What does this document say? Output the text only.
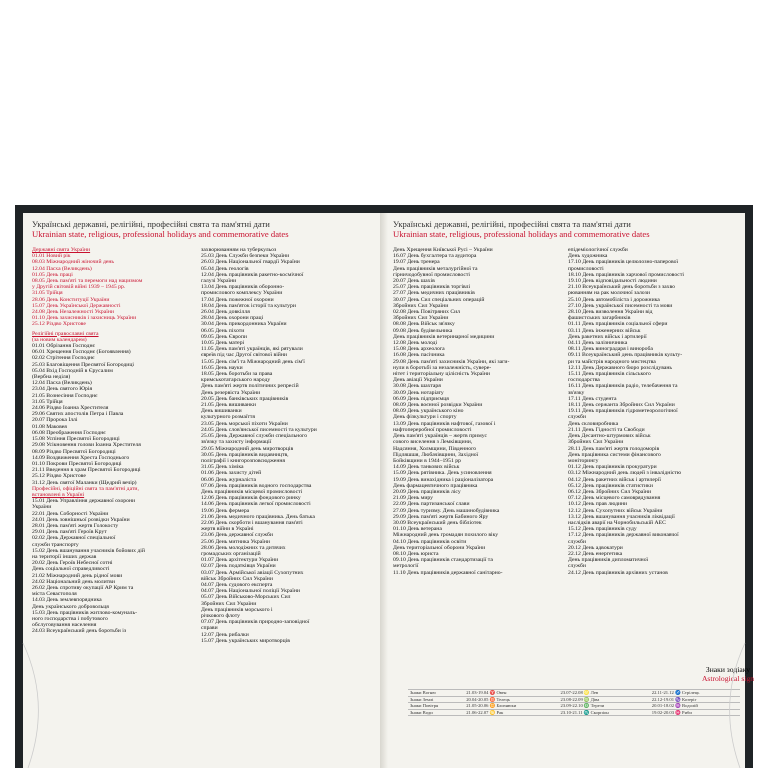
Українські державні, релігійні, професійні свята та пам'ятні дати
Ukrainian state, religious, professional holidays and commemorative dates
Державні свята України
01.01 Новий рік
08.03 Міжнародний жіночий день
12.04 Пасха (Великдень)
01.05 День праці
08.05 День пам'яті та перемоги над нацизмом
у Другій світовій війні 1939 – 1945 рр.
31.05 Трійця
28.06 День Конституції України
15.07 День Української Державності
24.08 День Незалежності України
01.10 День захисників і захисниць України
25.12 Різдво Христове
Релігійні православні свята
(за новим календарем)
01.01 Обрізання Господнє
06.01 Хрещення Господнє (Богоявлення)
02.02 Стрітення Господнє
25.03 Благовіщення Пресвятої Богородиці
05.04 Вхід Господній в Єрусалим
(Вербна неділя)
12.04 Пасха (Великдень)
23.04 День святого Юрія
21.05 Вознесіння Господнє
31.05 Трійця
24.06 Різдво Іоанна Хрестителя
29.06 Святих апостолів Петра і Павла
20.07 Пророка Іллі
01.08 Маковея
06.08 Преображення Господнє
15.08 Успіння Пресвятої Богородиці
29.08 Усікновення голови Іоанна Хрестителя
08.09 Різдво Пресвятої Богородиці
14.09 Воздвиження Хреста Господнього
01.10 Покрови Пресвятої Богородиці
21.11 Введення в храм Пресвятої Богородиці
25.12 Різдво Христове
31.12 День святої Маланки (Щедрий вечір)
Професійні, офіційні свята та пам'ятні дати,
встановлені в Україні
15.01 День Управління державної охорони
України
22.01 День Соборності України
24.01 День зовнішньої розвідки України
28.01 День пам'яті жертв Голокосту
29.01 День пам'яті Героїв Крут
02.02 День Державної спеціальної
служби транспорту
15.02 День вшанування учасників бойових дій
на території інших держав
20.02 День Героїв Небесної сотні
День соціальної справедливості
21.02 Міжнародний день рідної мови
24.02 Національний день молитви
26.02 День спротиву окупації АР Крим та
міста Севастополя
14.03 День землевпорядника
День українського добровольця
15.03 День працівників житлово-комуналь-
ного господарства і побутового
обслуговування населення
24.03 Всеукраїнський день боротьби із
захворюванням на туберкульоз
25.03 День Служби безпеки України
26.03 День Національної гвардії України
05.04 День геологів
12.04 День працівників ракетно-космічної
галузі України
13.04 День працівників оборонно-
промислового комплексу України
17.04 День пожежної охорони
18.04 День пам'яток історії та культури
26.04 День довкілля
28.04 День охорони праці
30.04 День прикордонника України
06.05 День піхоти
09.05 День Європи
10.05 День матері
11.05 День пам'яті українців, які рятували
євреїв під час Другої світової війни
15.05 День сім'ї та Міжнародний день сім'ї
16.05 День науки
18.05 День боротьби за права
кримськотатарського народу
День пам'яті жертв політичних репресій
День резервіста України
20.05 День банківських працівників
21.05 День вишиванки
День вишиванки
культурного розмаїття
23.05 День морської піхоти України
24.05 День слов'янської писемності та культури
25.05 День Державної служби спеціального
зв'язку та захисту інформації
29.05 Міжнародний день миротворців
30.05 День працівників видавництв,
поліграфії і книгорозповсюдження
31.05 День хіміка
01.06 День захисту дітей
06.06 День журналіста
07.06 День працівників водного господарства
День працівників місцевої промисловості
12.06 День працівників фондового ринку
14.06 День працівників легкої промисловості
19.06 День фермера
21.06 День медичного працівника. День батька
22.06 День скорботи і вшанування пам'яті
жертв війни в Україні
23.06 День державної служби
25.06 День митника України
28.06 День молодіжних та дитячих
громадських організацій
01.07 День архітектури України
02.07 День податківця України
03.07 День Армійської авіації Сухопутних
військ Збройних Сил України
04.07 День судового експерта
04.07 День Національної поліції України
05.07 День Військово-Морських Сил
Збройних Сил України
День працівників морського і
річкового флоту
07.07 День працівників природно-заповідної
справи
12.07 День рибалки
15.07 День українських миротворців
Українські державні, релігійні, професійні свята та пам'ятні дати
Ukrainian state, religious, professional holidays and commemorative dates
День Хрещення Київської Русі – України
16.07 День бухгалтера та аудитора
19.07 День тренера
День працівників металургійної та
гірничодобувної промисловості
20.07 День шахів
25.07 День працівників торгівлі
27.07 День медичних працівників
30.07 День Сил спеціальних операцій
Збройних Сил України
02.08 День Повітряних Сил
Збройних Сил України
08.08 День Військ зв'язку
09.08 День будівельника
День працівників ветеринарної медицини
12.08 День молоді
15.08 День археолога
16.08 День пасічника
29.08 День пам'яті захисників України, які заги-
нули в боротьбі за незалежність, сувере-
нітет і територіальну цілісність України
День авіації України
30.08 День шахтаря
30.09 День нотаріату
06.09 День підприємця
08.09 День воєнної розвідки України
08.09 День українського кіно
День фізкультури і спорту
13.09 День працівників нафтової, газової і
нафтопереробної промисловості
День пам'яті українців – жертв примус
сового виселення з Лемківщини,
Надсяння, Холмщини, Південного
Підляшшя, Любачівщини, Західної
Бойківщини в 1944–1951 рр
14.09 День танкових військ
15.09 День рятівника. День усиновлення
19.09 День винахідника і раціоналізатора
День фармацевтичного працівника
20.09 День працівників лісу
21.09 День миру
22.09 День партизанської слави
27.09 День туризму. День машинобудівника
29.09 День пам'яті жертв Бабиного Яру
30.09 Всеукраїнський день бібліотек
01.10 День ветерана
Міжнародний день громадян похилого віку
04.10 День працівників освіти
День територіальної оборони України
08.10 День юриста
09.10 День працівників стандартизації та
метрології
11.10 День працівників державної санітарно-
епідеміологічної служби
День художника
17.10 День працівників целюлозно-паперової
промисловості
18.10 День працівників харчової промисловості
19.10 День відповідальності людини
21.10 Всеукраїнський день боротьби з захво
рюванням на рак молочної залози
25.10 День автомобіліста і дорожника
27.10 День української писемності та мови
28.10 День визволення України від
фашистських загарбників
01.11 День працівників соціальної сфери
03.11 День інженерних військ
День ракетних військ і артилерії
04.11 День залізничника
08.11 День виноградаря і винороба
09.11 Всеукраїнський день працівників культу-
ри та майстрів народного мистецтва
12.11 День Державного бюро розслідувань
15.11 День працівників сільського
господарства
16.11 День працівників радіо, телебачення та
зв'язку
17.11 День студента
18.11 День сержанта Збройних Сил України
19.11 День працівників гідрометеорологічної
служби
День скловиробника
21.11 День Гідності та Свободи
День Десантно-штурмових військ
Збройних Сил України
28.11 День пам'яті жертв голодоморів
День працівника системи фінансового
моніторингу
01.12 День працівників прокуратури
03.12 Міжнародний день людей з інвалідністю
04.12 День ракетних військ і артилерії
05.12 День працівників статистики
06.12 День Збройних Сил України
07.12 День місцевого самоврядування
10.12 День прав людини
12.12 День Сухопутних військ України
13.12 День вшанування учасників ліквідації
наслідків аварії на Чорнобильській АЕС
15.12 День працівників суду
17.12 День працівників державної виконавчої
служби
20.12 День адвокатури
22.12 День енергетика
День працівників дипломатичної
служби
24.12 День працівників архівних установ
Знаки зодіаку
Astrological sign
Знаки Вогню	21.03-19.04 ♈ Овен	23.07-22.08 ♌ Лев	22.11-21.12 ♐ Стрілець
Знаки Землі	20.04-20.05 ♉ Телець	23.08-22.09 ♍ Діва	22.12-19.01 ♑ Козеріг
Знаки Повітря	21.05-20.06 ♊ Близнюки	23.09-22.10 ♎ Терези	20.01-18.02 ♒ Водолій
Знаки Води	21.06-22.07 ♋ Рак	23.10-21.11 ♏ Скорпіон	19.02-20.03 ♓ Риби
